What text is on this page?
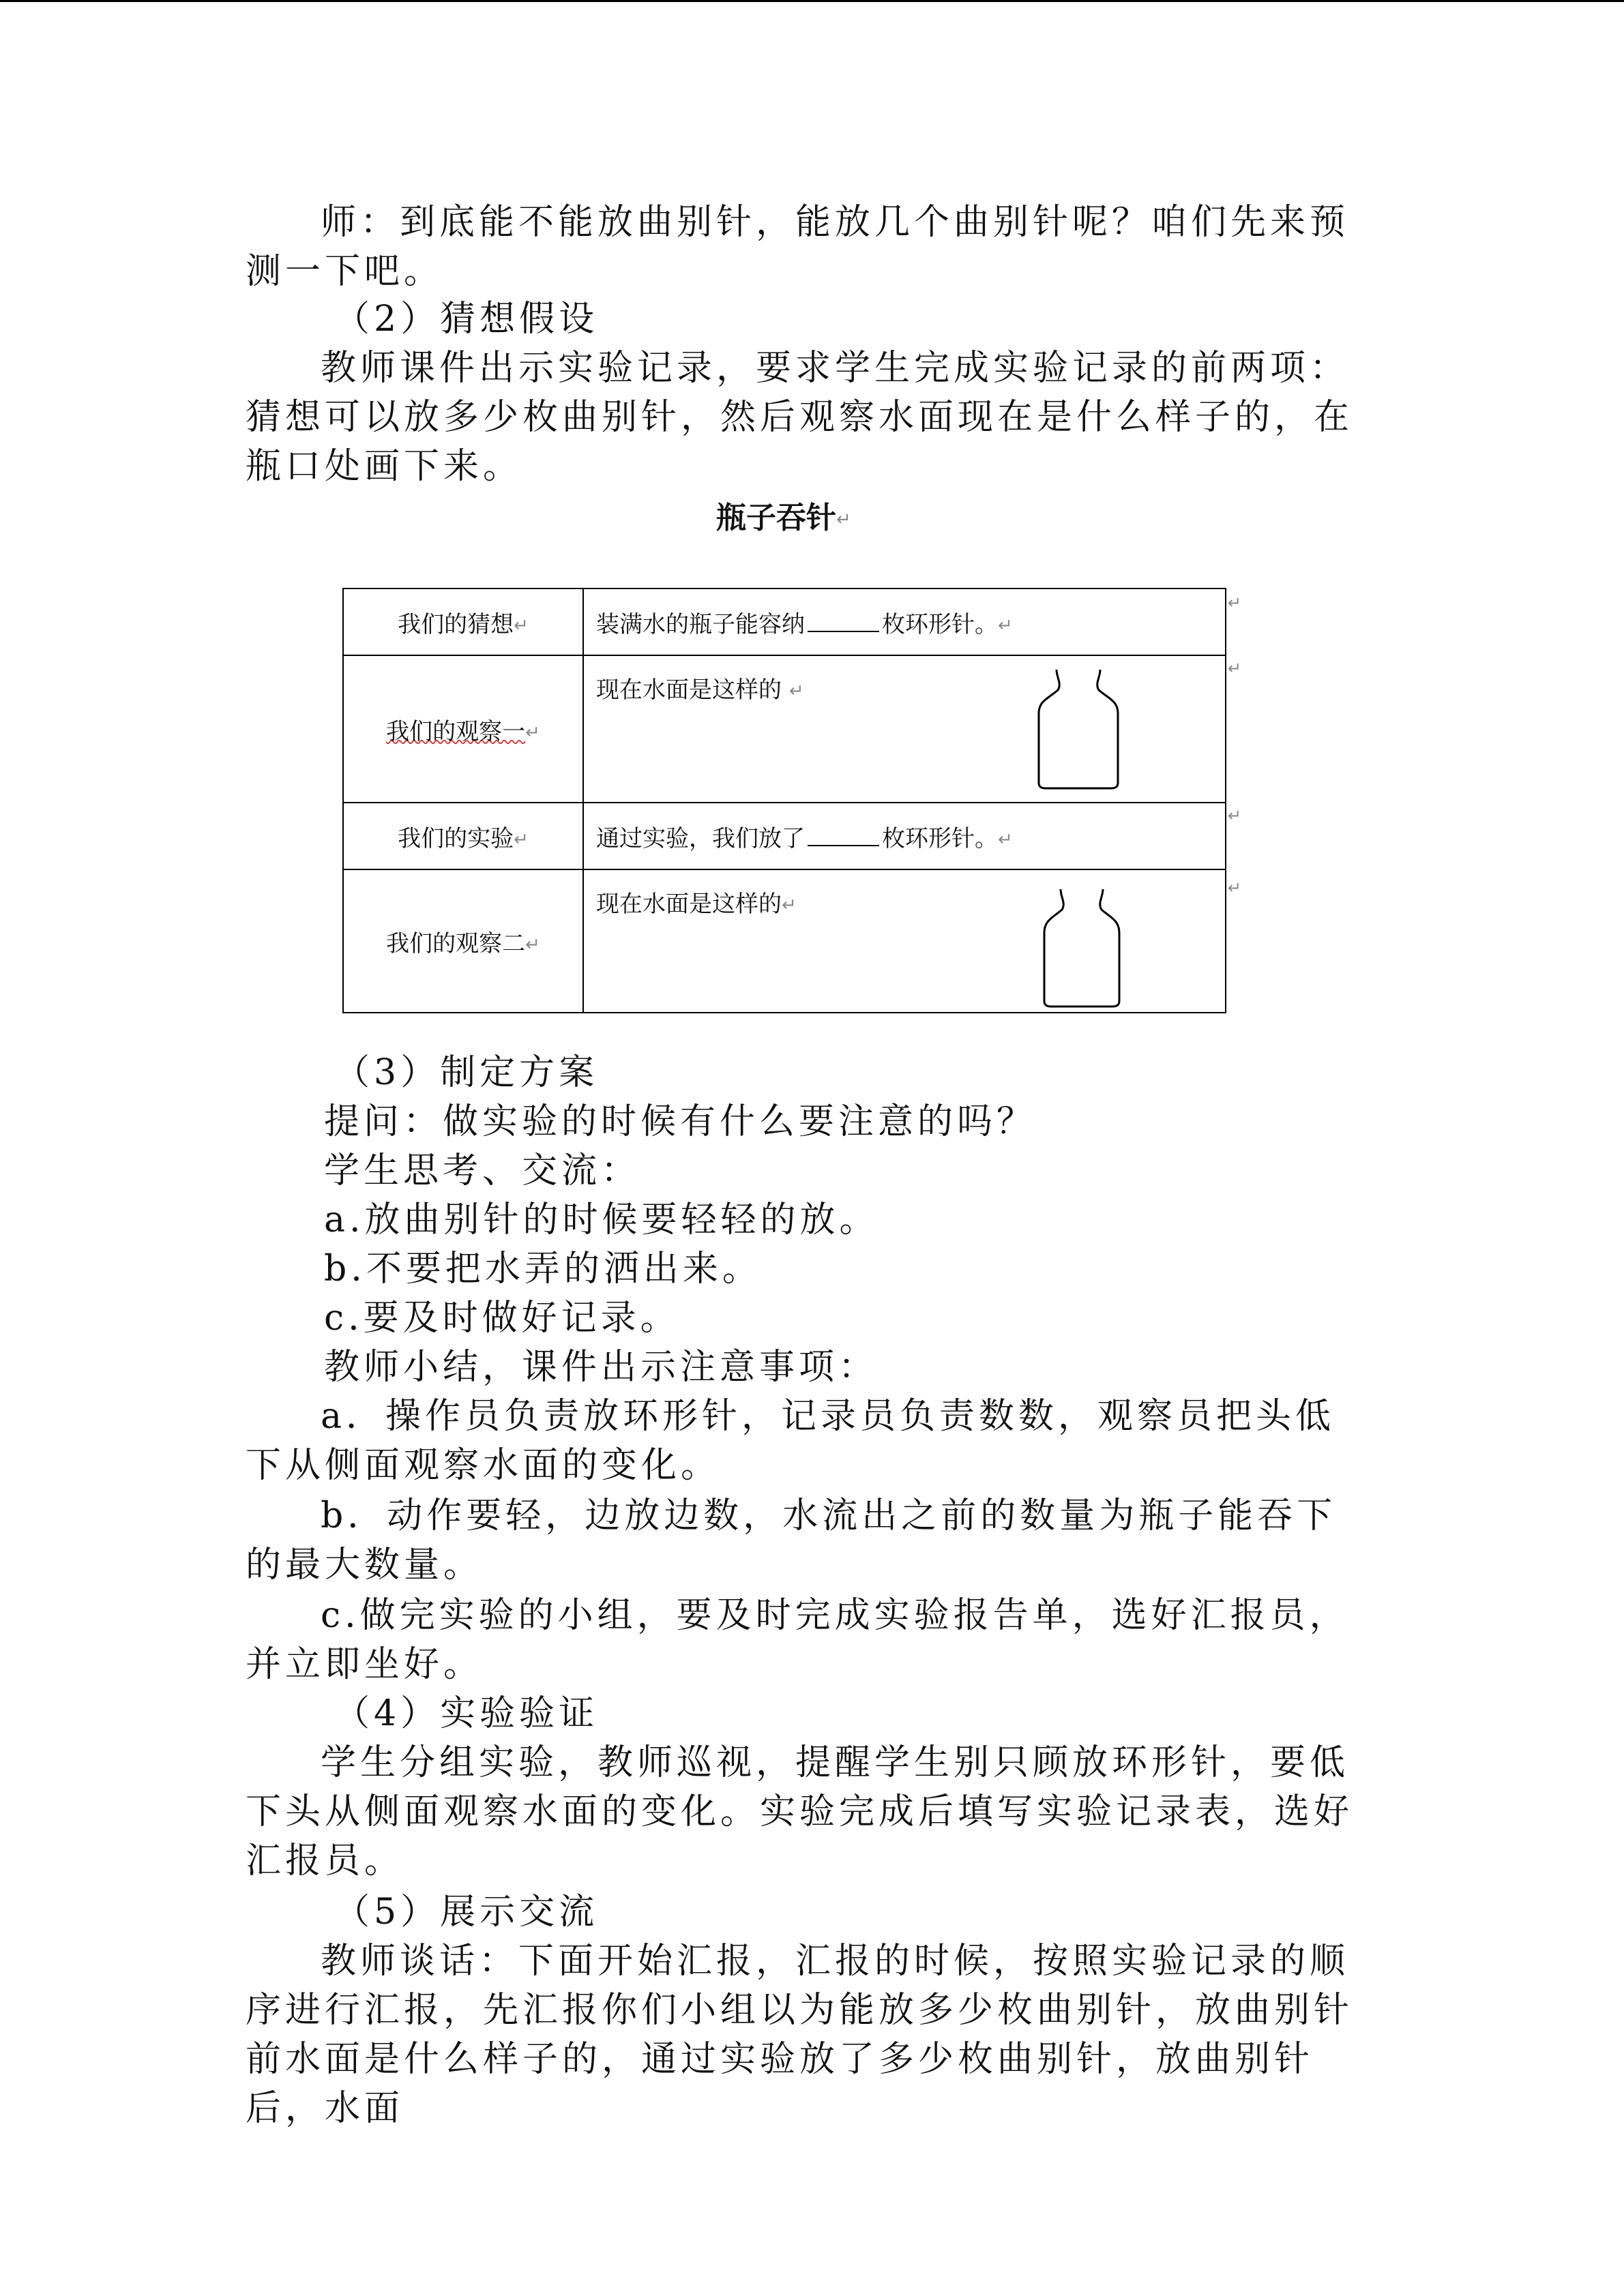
师：到底能不能放曲别针，能放几个曲别针呢？咱们先来预测一下吧。

（2）猜想假设

教师课件出示实验记录，要求学生完成实验记录的前两项：猜想可以放多少枚曲别针，然后观察水面现在是什么样子的，在瓶口处画下来。

瓶子吞针↵
我们的猜想↵	装满水的瓶子能容纳 枚环形针。↵
我们的观察一↵	现在水面是这样的 ↵

我们的实验↵	通过实验，我们放了 枚环形针。↵
我们的观察二↵	现在水面是这样的↵
↵
↵
↵
↵

（3）制定方案

提问：做实验的时候有什么要注意的吗？

学生思考、交流：

a.放曲别针的时候要轻轻的放。

b.不要把水弄的洒出来。

c.要及时做好记录。

教师小结，课件出示注意事项：

a．操作员负责放环形针，记录员负责数数，观察员把头低下从侧面观察水面的变化。

b．动作要轻，边放边数，水流出之前的数量为瓶子能吞下的最大数量。

c.做完实验的小组，要及时完成实验报告单，选好汇报员，并立即坐好。

（4）实验验证

学生分组实验，教师巡视，提醒学生别只顾放环形针，要低下头从侧面观察水面的变化。实验完成后填写实验记录表，选好汇报员。

（5）展示交流

教师谈话：下面开始汇报，汇报的时候，按照实验记录的顺序进行汇报，先汇报你们小组以为能放多少枚曲别针，放曲别针前水面是什么样子的，通过实验放了多少枚曲别针，放曲别针后，水面
